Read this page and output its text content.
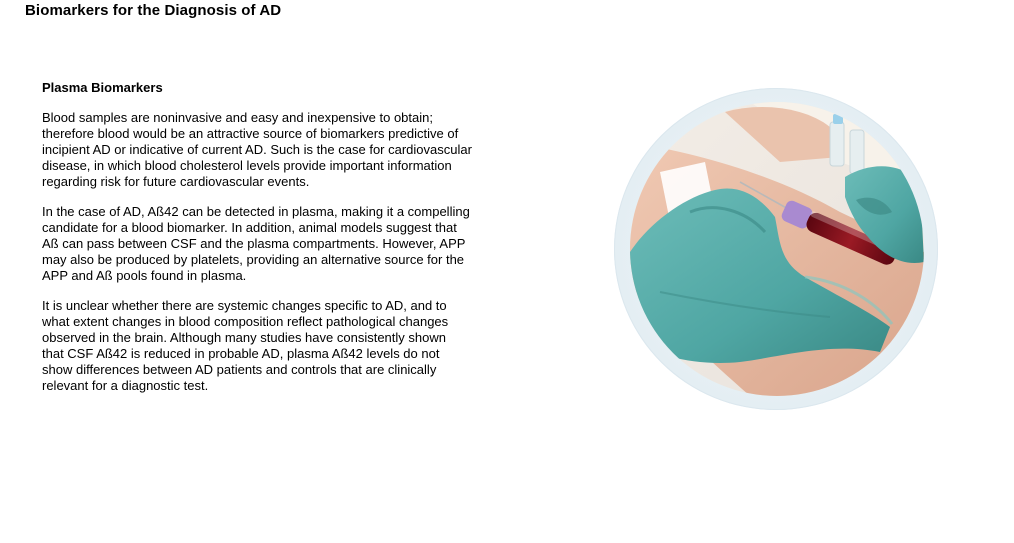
Biomarkers for the Diagnosis of AD
Plasma Biomarkers

Blood samples are noninvasive and easy and inexpensive to obtain;
therefore blood would be an attractive source of biomarkers predictive of
incipient AD or indicative of current AD. Such is the case for cardiovascular
disease, in which blood cholesterol levels provide important information
regarding risk for future cardiovascular events.

In the case of AD, Aß42 can be detected in plasma, making it a compelling
candidate for a blood biomarker. In addition, animal models suggest that
Aß can pass between CSF and the plasma compartments. However, APP
may also be produced by platelets, providing an alternative source for the
APP and Aß pools found in plasma.

It is unclear whether there are systemic changes specific to AD, and to
what extent changes in blood composition reflect pathological changes
observed in the brain. Although many studies have consistently shown
that CSF Aß42 is reduced in probable AD, plasma Aß42 levels do not
show differences between AD patients and controls that are clinically
relevant for a diagnostic test.
